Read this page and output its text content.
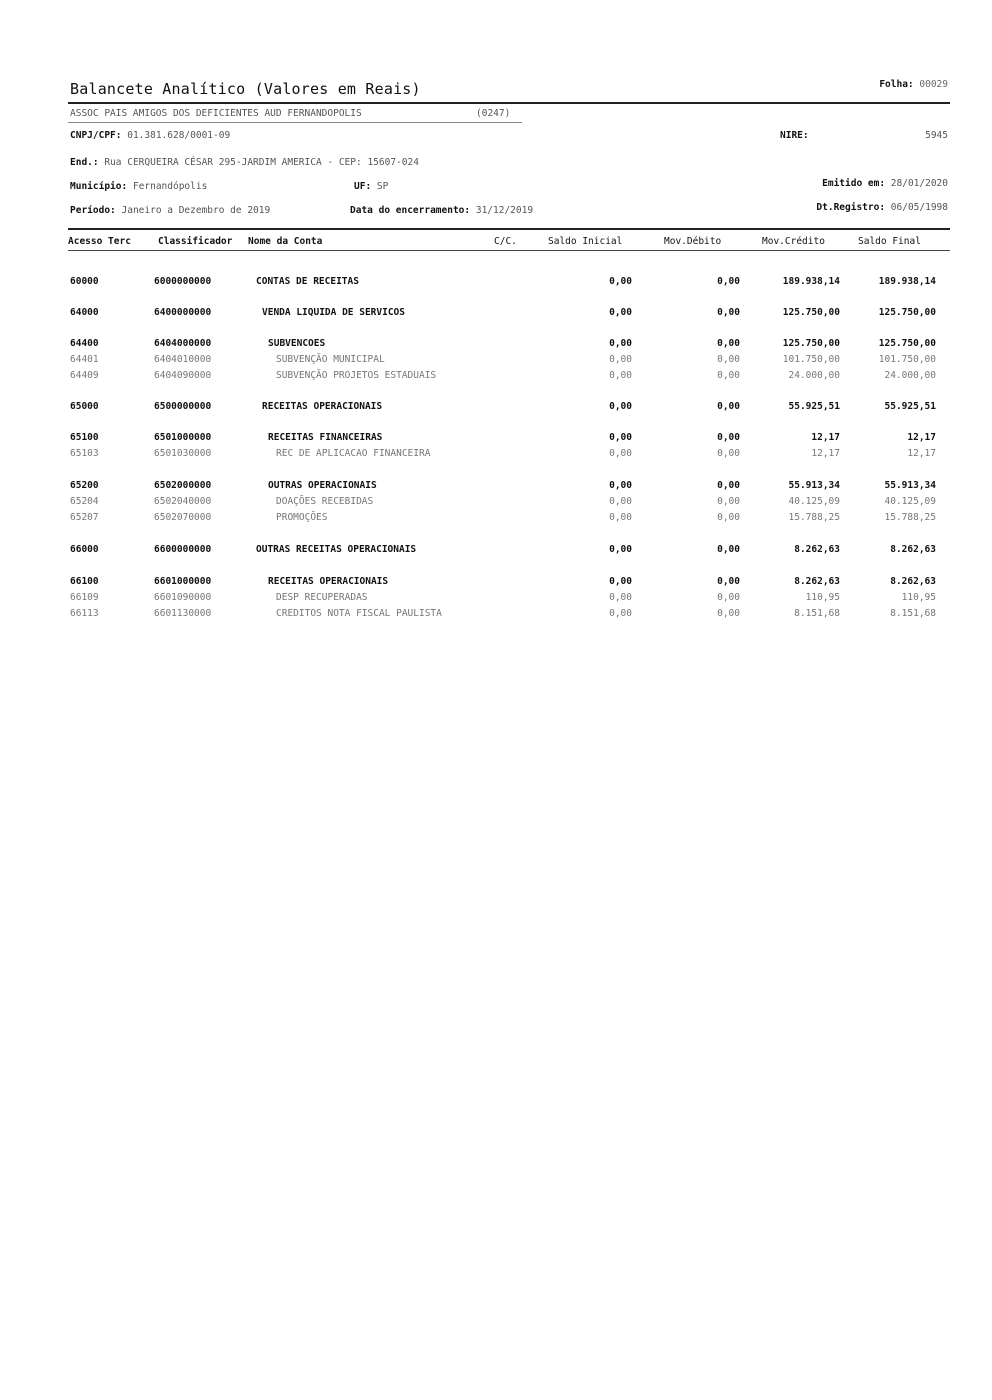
Balancete Analítico (Valores em Reais)	Folha: 00029
ASSOC PAIS AMIGOS DOS DEFICIENTES AUD FERNANDOPOLIS	(0247)
CNPJ/CPF: 01.381.628/0001-09	NIRE:	5945
End.: Rua CERQUEIRA CÉSAR 295-JARDIM AMERICA - CEP: 15607-024
Município: Fernandópolis	UF: SP	Emitido em: 28/01/2020
Período: Janeiro a Dezembro de 2019	Data do encerramento: 31/12/2019	Dt.Registro: 06/05/1998
Acesso Terc	Classificador Nome da Conta	C/C.	Saldo Inicial	Mov.Débito	Mov.Crédito	Saldo Final
60000	6000000000	CONTAS DE RECEITAS	0,00	0,00	189.938,14	189.938,14
64000	6400000000	VENDA LIQUIDA DE SERVICOS	0,00	0,00	125.750,00	125.750,00
64400	6404000000	SUBVENCOES	0,00	0,00	125.750,00	125.750,00
64401	6404010000	SUBVENÇÃO MUNICIPAL	0,00	0,00	101.750,00	101.750,00
64409	6404090000	SUBVENÇÃO PROJETOS ESTADUAIS	0,00	0,00	24.000,00	24.000,00
65000	6500000000	RECEITAS OPERACIONAIS	0,00	0,00	55.925,51	55.925,51
65100	6501000000	RECEITAS FINANCEIRAS	0,00	0,00	12,17	12,17
65103	6501030000	REC DE APLICACAO FINANCEIRA	0,00	0,00	12,17	12,17
65200	6502000000	OUTRAS OPERACIONAIS	0,00	0,00	55.913,34	55.913,34
65204	6502040000	DOAÇÕES RECEBIDAS	0,00	0,00	40.125,09	40.125,09
65207	6502070000	PROMOÇÕES	0,00	0,00	15.788,25	15.788,25
66000	6600000000	OUTRAS RECEITAS OPERACIONAIS	0,00	0,00	8.262,63	8.262,63
66100	6601000000	RECEITAS OPERACIONAIS	0,00	0,00	8.262,63	8.262,63
66109	6601090000	DESP RECUPERADAS	0,00	0,00	110,95	110,95
66113	6601130000	CREDITOS NOTA FISCAL PAULISTA	0,00	0,00	8.151,68	8.151,68
